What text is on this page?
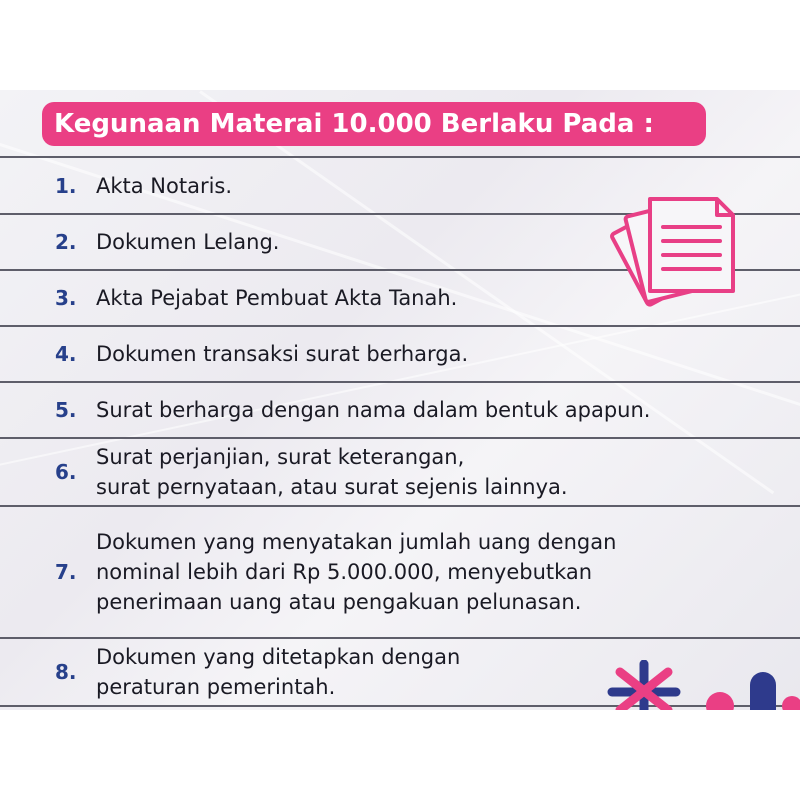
Kegunaan Materai 10.000 Berlaku Pada :
1. Akta Notaris.
2. Dokumen Lelang.
3. Akta Pejabat Pembuat Akta Tanah.
4. Dokumen transaksi surat berharga.
5. Surat berharga dengan nama dalam bentuk apapun.
6.
Surat perjanjian, surat keterangan,
surat pernyataan, atau surat sejenis lainnya.
7.
Dokumen yang menyatakan jumlah uang dengan
nominal lebih dari Rp 5.000.000, menyebutkan
penerimaan uang atau pengakuan pelunasan.
8.
Dokumen yang ditetapkan dengan
peraturan pemerintah.
